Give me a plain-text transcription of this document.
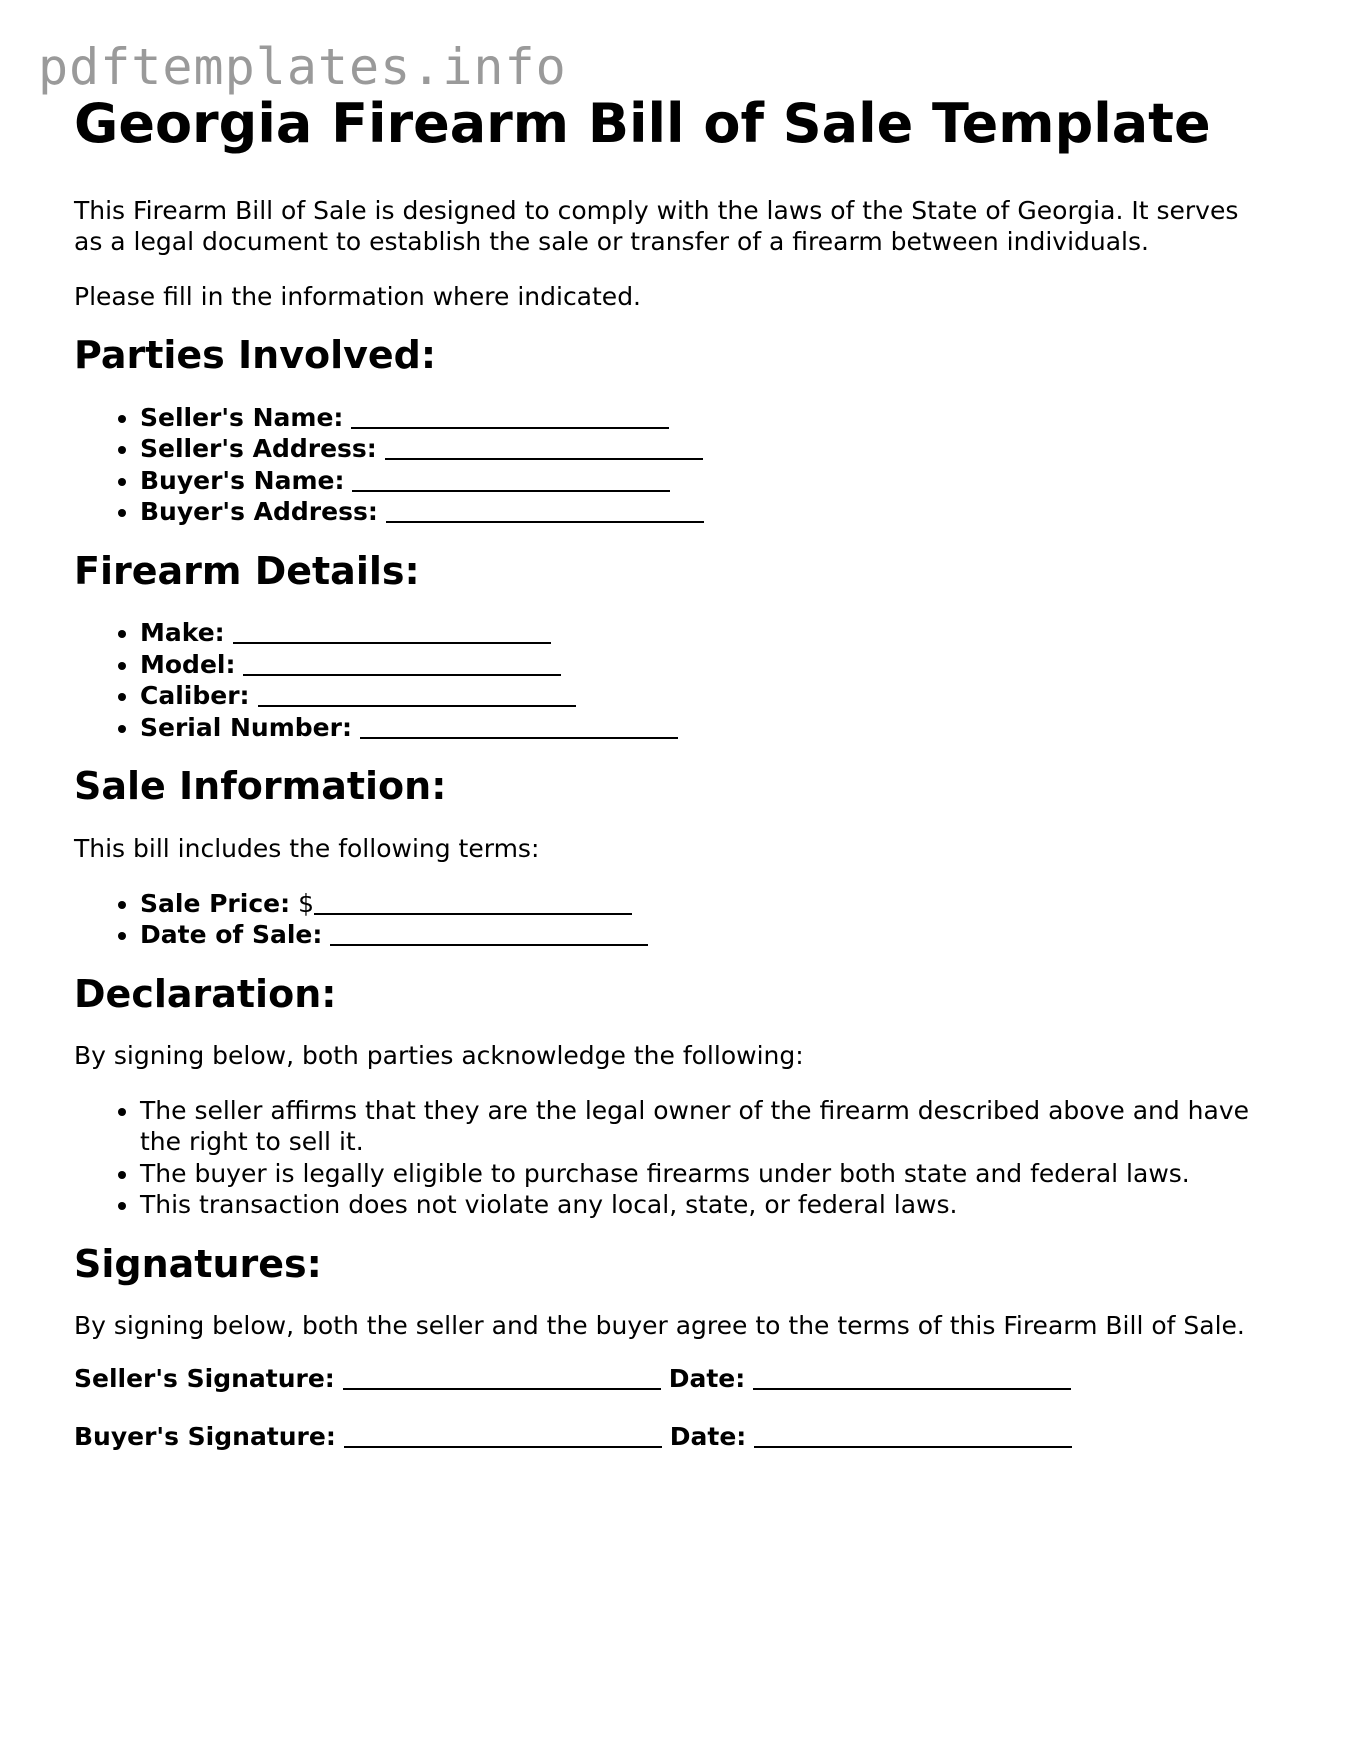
pdftemplates.info
Georgia Firearm Bill of Sale Template

This Firearm Bill of Sale is designed to comply with the laws of the State of Georgia. It serves as a legal document to establish the sale or transfer of a firearm between individuals.

Please fill in the information where indicated.

Parties Involved:
• Seller's Name:
• Seller's Address:
• Buyer's Name:
• Buyer's Address:
Firearm Details:
• Make:
• Model:
• Caliber:
• Serial Number:
Sale Information:

This bill includes the following terms:

• Sale Price: $
• Date of Sale:
Declaration:

By signing below, both parties acknowledge the following:

• The seller affirms that they are the legal owner of the firearm described above and have the right to sell it.
• The buyer is legally eligible to purchase firearms under both state and federal laws.
• This transaction does not violate any local, state, or federal laws.
Signatures:

By signing below, both the seller and the buyer agree to the terms of this Firearm Bill of Sale.

Seller's Signature:	Date:
Buyer's Signature:	Date:
